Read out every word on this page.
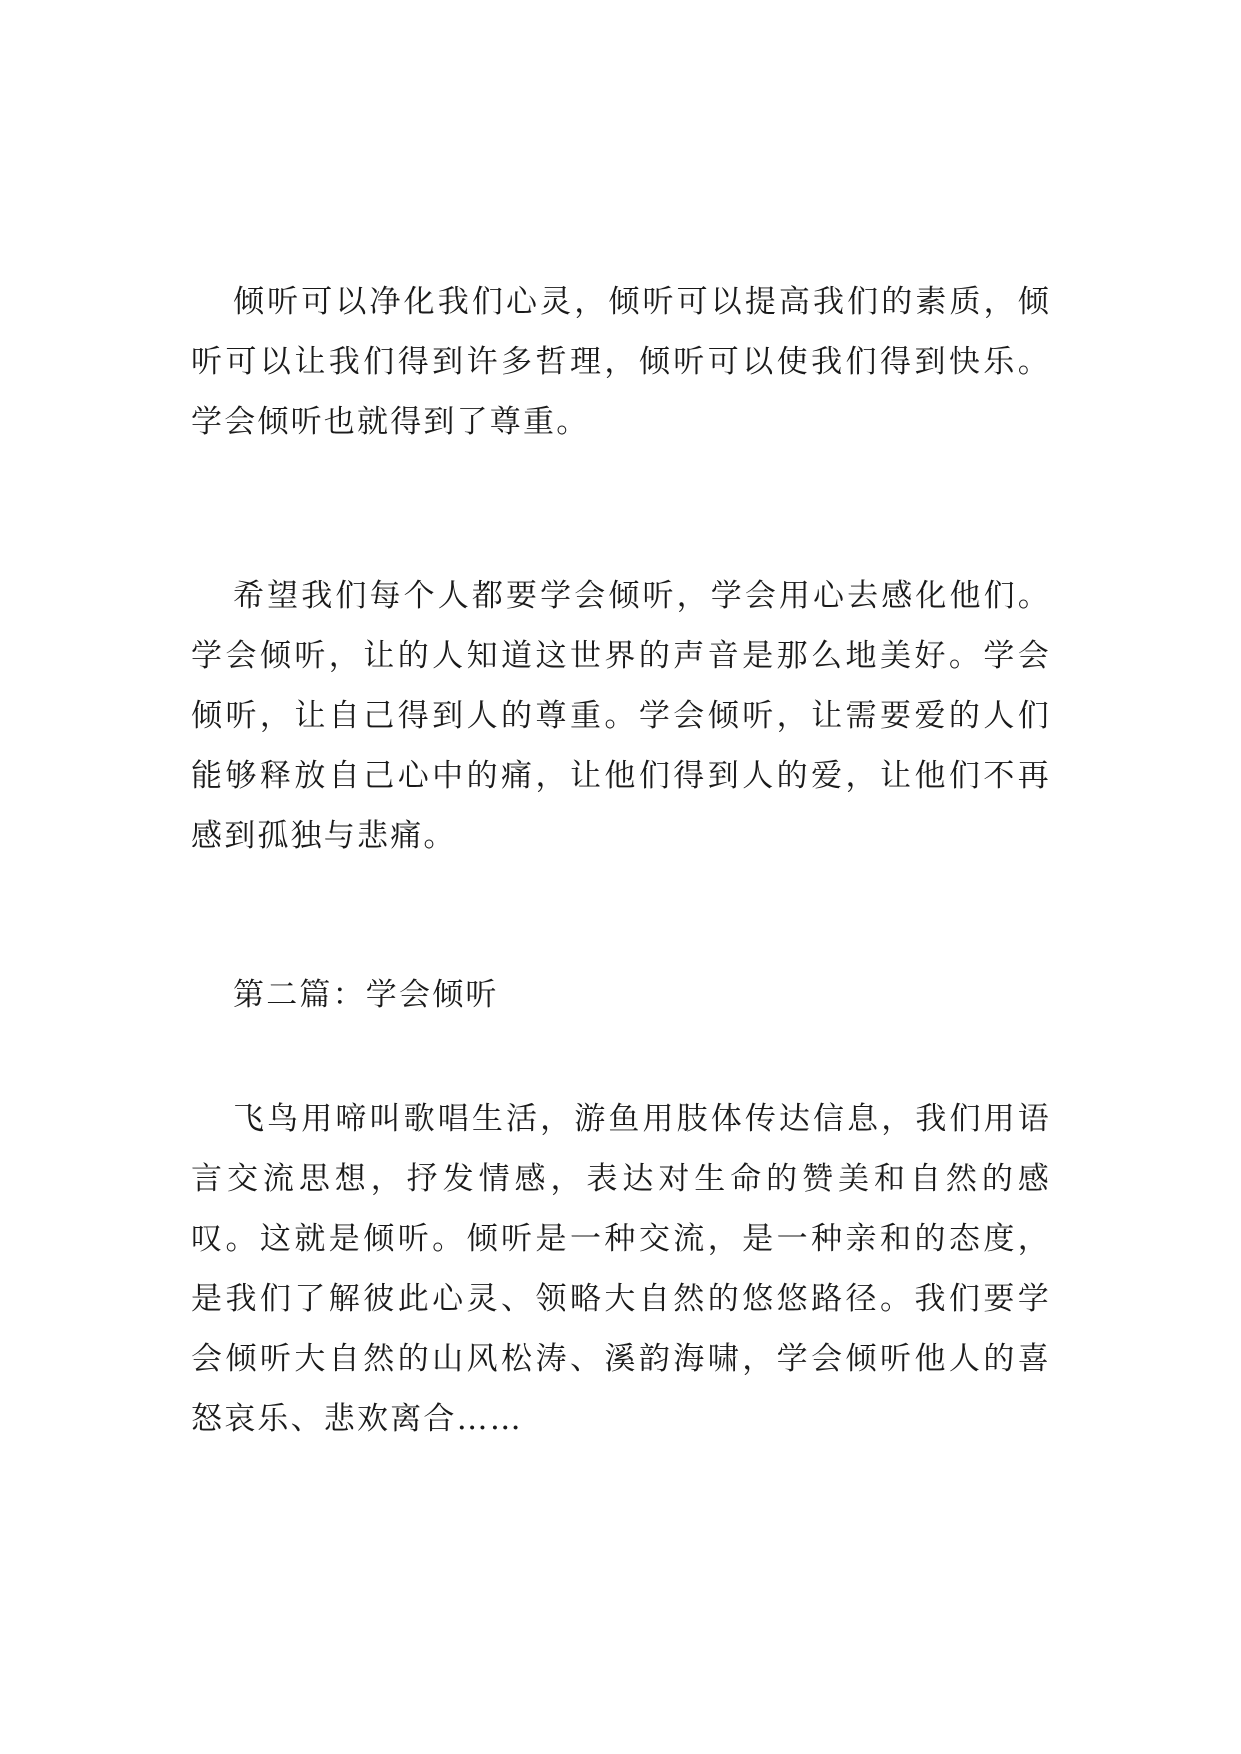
倾听可以净化我们心灵，倾听可以提高我们的素质，倾听可以让我们得到许多哲理，倾听可以使我们得到快乐。学会倾听也就得到了尊重。

希望我们每个人都要学会倾听，学会用心去感化他们。学会倾听，让的人知道这世界的声音是那么地美好。学会倾听，让自己得到人的尊重。学会倾听，让需要爱的人们能够释放自己心中的痛，让他们得到人的爱，让他们不再感到孤独与悲痛。

第二篇：学会倾听

飞鸟用啼叫歌唱生活，游鱼用肢体传达信息，我们用语言交流思想，抒发情感，表达对生命的赞美和自然的感叹。这就是倾听。倾听是一种交流，是一种亲和的态度，是我们了解彼此心灵、领略大自然的悠悠路径。我们要学会倾听大自然的山风松涛、溪韵海啸，学会倾听他人的喜怒哀乐、悲欢离合……
